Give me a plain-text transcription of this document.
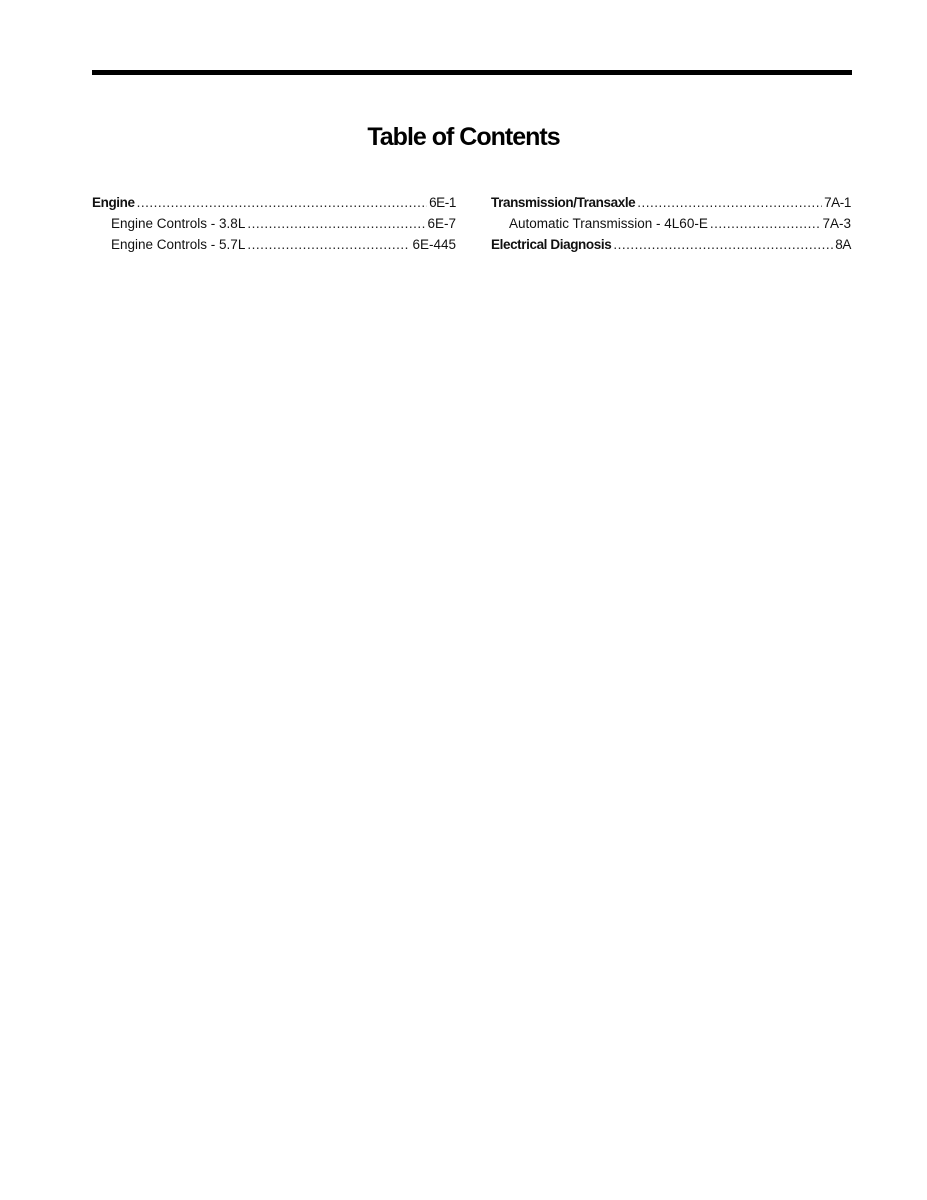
Table of Contents
Engine .....	6E-1
Engine Controls - 3.8L .....	6E-7
Engine Controls - 5.7L .....	6E-445
Transmission/Transaxle .....	7A-1
Automatic Transmission - 4L60-E .....	7A-3
Electrical Diagnosis .....	8A
